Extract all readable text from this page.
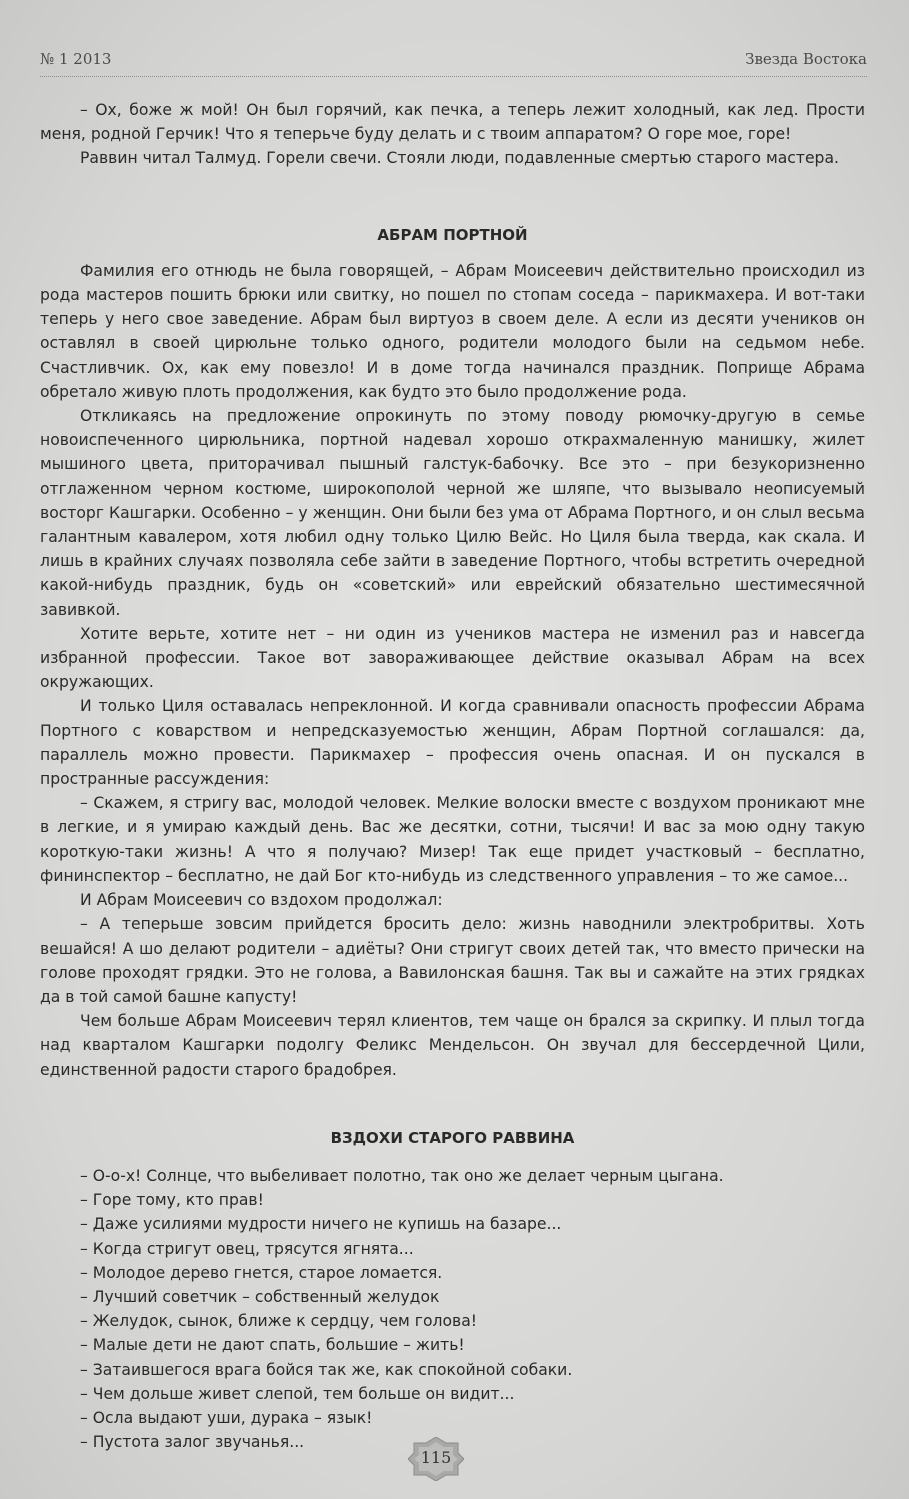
№ 1 2013	Звезда Востока

– Ох, боже ж мой! Он был горячий, как печка, а теперь лежит холодный, как лед. Прости меня, родной Герчик! Что я теперьче буду делать и с твоим аппаратом? О горе мое, горе!

Раввин читал Талмуд. Горели свечи. Стояли люди, подавленные смертью старого мастера.

АБРАМ ПОРТНОЙ

Фамилия его отнюдь не была говорящей, – Абрам Моисеевич действительно происходил из рода мастеров пошить брюки или свитку, но пошел по стопам соседа – парикмахера. И вот-таки теперь у него свое заведение. Абрам был виртуоз в своем деле. А если из десяти учеников он оставлял в своей цирюльне только одного, родители молодого были на седьмом небе. Счастливчик. Ох, как ему повезло! И в доме тогда начинался праздник. Поприще Абрама обретало живую плоть продолжения, как будто это было продолжение рода.

Откликаясь на предложение опрокинуть по этому поводу рюмочку-другую в семье новоиспеченного цирюльника, портной надевал хорошо открахмаленную манишку, жилет мышиного цвета, приторачивал пышный галстук-бабочку. Все это – при безукоризненно отглаженном черном костюме, широкополой черной же шляпе, что вызывало неописуемый восторг Кашгарки. Особенно – у женщин. Они были без ума от Абрама Портного, и он слыл весьма галантным кавалером, хотя любил одну только Цилю Вейс. Но Циля была тверда, как скала. И лишь в крайних случаях позволяла себе зайти в заведение Портного, чтобы встретить очередной какой-нибудь праздник, будь он «советский» или еврейский обязательно шестимесячной завивкой.

Хотите верьте, хотите нет – ни один из учеников мастера не изменил раз и навсегда избранной профессии. Такое вот завораживающее действие оказывал Абрам на всех окружающих.

И только Циля оставалась непреклонной. И когда сравнивали опасность профессии Абрама Портного с коварством и непредсказуемостью женщин, Абрам Портной соглашался: да, параллель можно провести. Парикмахер – профессия очень опасная. И он пускался в пространные рассуждения:

– Скажем, я стригу вас, молодой человек. Мелкие волоски вместе с воздухом проникают мне в легкие, и я умираю каждый день. Вас же десятки, сотни, тысячи! И вас за мою одну такую короткую-таки жизнь! А что я получаю? Мизер! Так еще придет участковый – бесплатно, фининспектор – бесплатно, не дай Бог кто-нибудь из следственного управления – то же самое...

И Абрам Моисеевич со вздохом продолжал:

– А теперьше зовсим прийдется бросить дело: жизнь наводнили электробритвы. Хоть вешайся! А шо делают родители – адиёты? Они стригут своих детей так, что вместо прически на голове проходят грядки. Это не голова, а Вавилонская башня. Так вы и сажайте на этих грядках да в той самой башне капусту!

Чем больше Абрам Моисеевич терял клиентов, тем чаще он брался за скрипку. И плыл тогда над кварталом Кашгарки подолгу Феликс Мендельсон. Он звучал для бессердечной Цили, единственной радости старого брадобрея.

ВЗДОХИ СТАРОГО РАВВИНА
– О-о-х! Солнце, что выбеливает полотно, так оно же делает черным цыгана.
– Горе тому, кто прав!
– Даже усилиями мудрости ничего не купишь на базаре...
– Когда стригут овец, трясутся ягнята...
– Молодое дерево гнется, старое ломается.
– Лучший советчик – собственный желудок
– Желудок, сынок, ближе к сердцу, чем голова!
– Малые дети не дают спать, большие – жить!
– Затаившегося врага бойся так же, как спокойной собаки.
– Чем дольше живет слепой, тем больше он видит...
– Осла выдают уши, дурака – язык!
– Пустота залог звучанья...
115
